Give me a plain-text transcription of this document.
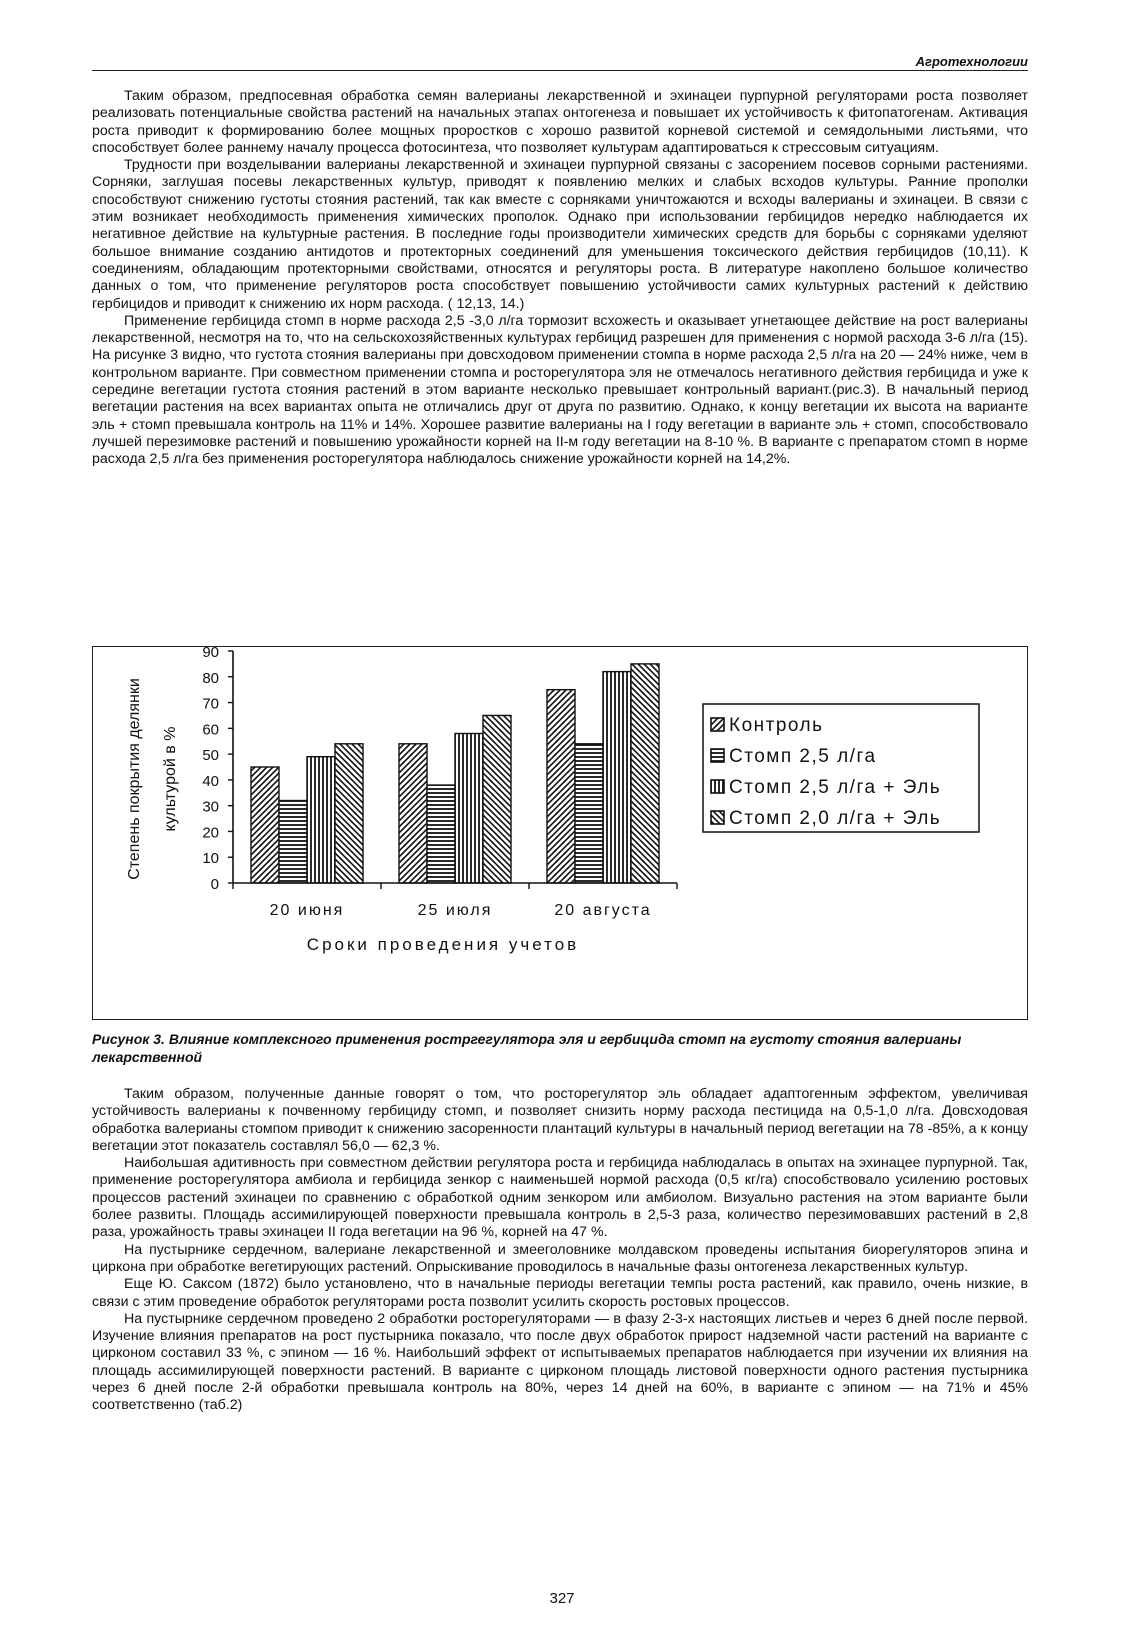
Агротехнологии

Таким образом, предпосевная обработка семян валерианы лекарственной и эхинацеи пурпурной регуляторами роста позволяет реализовать потенциальные свойства растений на начальных этапах онтогенеза и повышает их устойчивость к фитопатогенам. Активация роста приводит к формированию более мощных проростков с хорошо развитой корневой системой и семядольными листьями, что способствует более раннему началу процесса фотосинтеза, что позволяет культурам адаптироваться к стрессовым ситуациям.

Трудности при возделывании валерианы лекарственной и эхинацеи пурпурной связаны с засорением посевов сорными растениями. Сорняки, заглушая посевы лекарственных культур, приводят к появлению мелких и слабых всходов культуры. Ранние прополки способствуют снижению густоты стояния растений, так как вместе с сорняками уничтожаются и всходы валерианы и эхинацеи. В связи с этим возникает необходимость применения химических прополок. Однако при использовании гербицидов нередко наблюдается их негативное действие на культурные растения. В последние годы производители химических средств для борьбы с сорняками уделяют большое внимание созданию антидотов и протекторных соединений для уменьшения токсического действия гербицидов (10,11). К соединениям, обладающим протекторными свойствами, относятся и регуляторы роста. В литературе накоплено большое количество данных о том, что применение регуляторов роста способствует повышению устойчивости самих культурных растений к действию гербицидов и приводит к снижению их норм расхода. ( 12,13, 14.)

Применение гербицида стомп в норме расхода 2,5 -3,0 л/га тормозит всхожесть и оказывает угнетающее действие на рост валерианы лекарственной, несмотря на то, что на сельскохозяйственных культурах гербицид разрешен для применения с нормой расхода 3-6 л/га (15). На рисунке 3 видно, что густота стояния валерианы при довсходовом применении стомпа в норме расхода 2,5 л/га на 20 — 24% ниже, чем в контрольном варианте. При совместном применении стомпа и росторегулятора эля не отмечалось негативного действия гербицида и уже к середине вегетации густота стояния растений в этом варианте несколько превышает контрольный вариант.(рис.3). В начальный период вегетации растения на всех вариантах опыта не отличались друг от друга по развитию. Однако, к концу вегетации их высота на варианте эль + стомп превышала контроль на 11% и 14%. Хорошее развитие валерианы на I году вегетации в варианте эль + стомп, способствовало лучшей перезимовке растений и повышению урожайности корней на II-м году вегетации на 8-10 %. В варианте с препаратом стомп в норме расхода 2,5 л/га без применения росторегулятора наблюдалось снижение урожайности корней на 14,2%.

Степень покрытия делянки культурой в %
0
10
20
30
40
50
60
70
80
90
20 июня	25 июля	20 августа
Сроки проведения учетов
Контроль
Стомп 2,5 л/га
Стомп 2,5 л/га + Эль
Стомп 2,0 л/га + Эль
Рисунок 3. Влияние комплексного применения ростргегулятора эля и гербицида стомп на густоту стояния валерианы лекарственной

Таким образом, полученные данные говорят о том, что росторегулятор эль обладает адаптогенным эффектом, увеличивая устойчивость валерианы к почвенному гербициду стомп, и позволяет снизить норму расхода пестицида на 0,5-1,0 л/га. Довсходовая обработка валерианы стомпом приводит к снижению засоренности плантаций культуры в начальный период вегетации на 78 -85%, а к концу вегетации этот показатель составлял 56,0 — 62,3 %.

Наибольшая адитивность при совместном действии регулятора роста и гербицида наблюдалась в опытах на эхинацее пурпурной. Так, применение росторегулятора амбиола и гербицида зенкор с наименьшей нормой расхода (0,5 кг/га) способствовало усилению ростовых процессов растений эхинацеи по сравнению с обработкой одним зенкором или амбиолом. Визуально растения на этом варианте были более развиты. Площадь ассимилирующей поверхности превышала контроль в 2,5-3 раза, количество перезимовавших растений в 2,8 раза, урожайность травы эхинацеи II года вегетации на 96 %, корней на 47 %.

На пустырнике сердечном, валериане лекарственной и змееголовнике молдавском проведены испытания биорегуляторов эпина и циркона при обработке вегетирующих растений. Опрыскивание проводилось в начальные фазы онтогенеза лекарственных культур.

Еще Ю. Саксом (1872) было установлено, что в начальные периоды вегетации темпы роста растений, как правило, очень низкие, в связи с этим проведение обработок регуляторами роста позволит усилить скорость ростовых процессов.

На пустырнике сердечном проведено 2 обработки росторегуляторами — в фазу 2-3-х настоящих листьев и через 6 дней после первой. Изучение влияния препаратов на рост пустырника показало, что после двух обработок прирост надземной части растений на варианте с цирконом составил 33 %, с эпином — 16 %. Наибольший эффект от испытываемых препаратов наблюдается при изучении их влияния на площадь ассимилирующей поверхности растений. В варианте с цирконом площадь листовой поверхности одного растения пустырника через 6 дней после 2-й обработки превышала контроль на 80%, через 14 дней на 60%, в варианте с эпином — на 71% и 45% соответственно (таб.2)

327
